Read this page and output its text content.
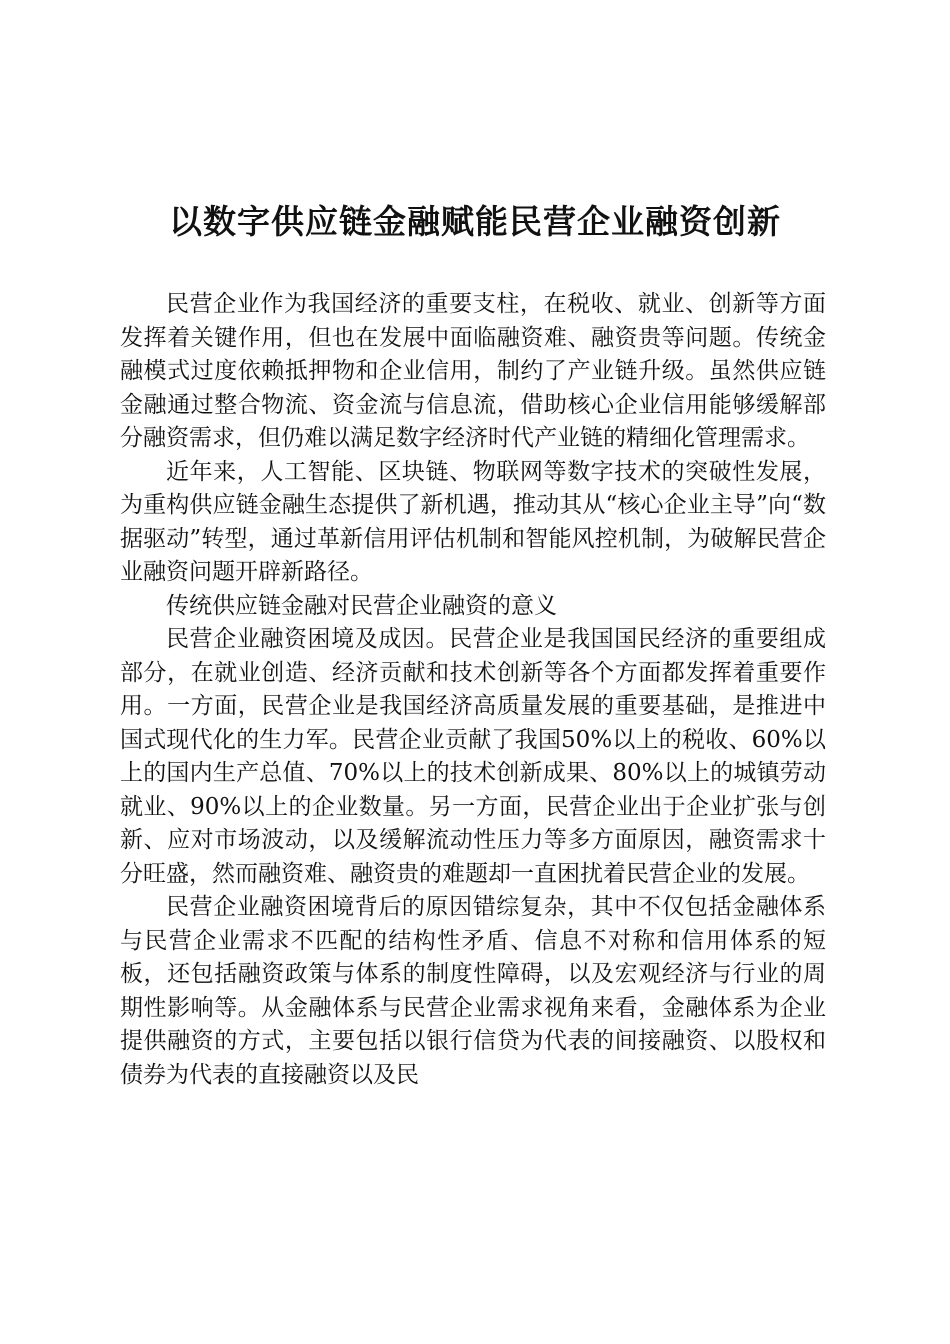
以数字供应链金融赋能民营企业融资创新

民营企业作为我国经济的重要支柱，在税收、就业、创新等方面发挥着关键作用，但也在发展中面临融资难、融资贵等问题。传统金融模式过度依赖抵押物和企业信用，制约了产业链升级。虽然供应链金融通过整合物流、资金流与信息流，借助核心企业信用能够缓解部分融资需求，但仍难以满足数字经济时代产业链的精细化管理需求。

近年来，人工智能、区块链、物联网等数字技术的突破性发展，为重构供应链金融生态提供了新机遇，推动其从“核心企业主导”向“数据驱动”转型，通过革新信用评估机制和智能风控机制，为破解民营企业融资问题开辟新路径。

传统供应链金融对民营企业融资的意义

民营企业融资困境及成因。民营企业是我国国民经济的重要组成部分，在就业创造、经济贡献和技术创新等各个方面都发挥着重要作用。一方面，民营企业是我国经济高质量发展的重要基础，是推进中国式现代化的生力军。民营企业贡献了我国50%以上的税收、60%以上的国内生产总值、70%以上的技术创新成果、80%以上的城镇劳动就业、90%以上的企业数量。另一方面，民营企业出于企业扩张与创新、应对市场波动，以及缓解流动性压力等多方面原因，融资需求十分旺盛，然而融资难、融资贵的难题却一直困扰着民营企业的发展。

民营企业融资困境背后的原因错综复杂，其中不仅包括金融体系与民营企业需求不匹配的结构性矛盾、信息不对称和信用体系的短板，还包括融资政策与体系的制度性障碍，以及宏观经济与行业的周期性影响等。从金融体系与民营企业需求视角来看，金融体系为企业提供融资的方式，主要包括以银行信贷为代表的间接融资、以股权和债券为代表的直接融资以及民
